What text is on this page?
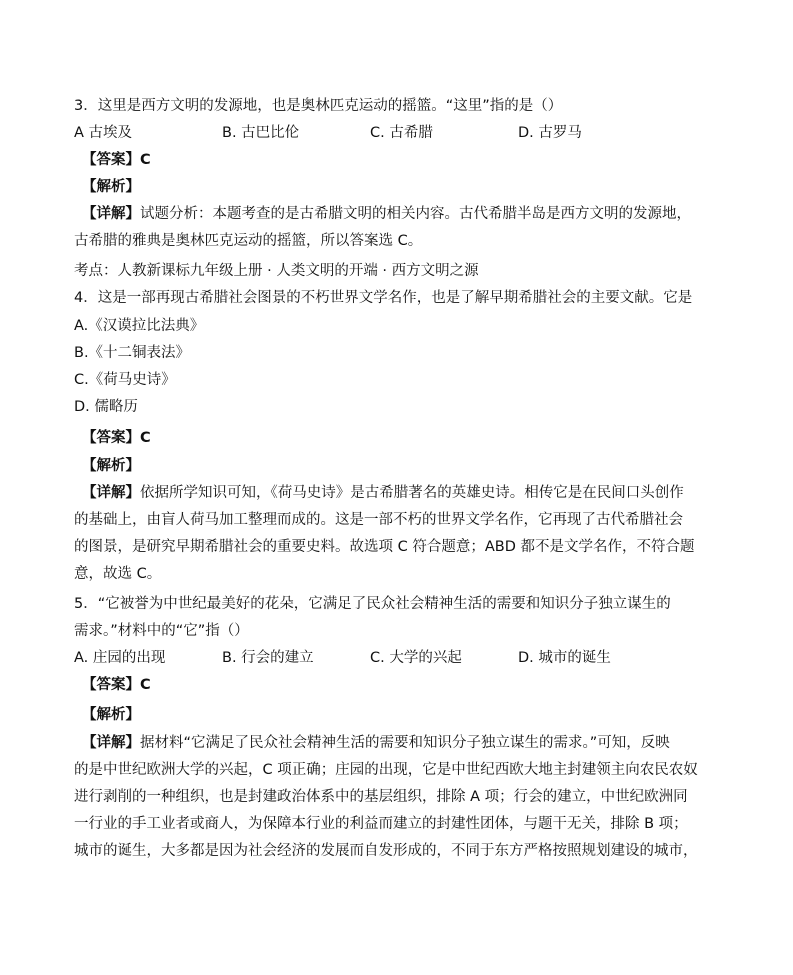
3．这里是西方文明的发源地，也是奥林匹克运动的摇篮。“这里”指的是（）
A 古埃及	B. 古巴比伦	C. 古希腊	D. 古罗马
【答案】C
【解析】
【详解】试题分析：本题考查的是古希腊文明的相关内容。古代希腊半岛是西方文明的发源地，
古希腊的雅典是奥林匹克运动的摇篮，所以答案选 C。
考点：人教新课标九年级上册 · 人类文明的开端 · 西方文明之源
4．这是一部再现古希腊社会图景的不朽世界文学名作，也是了解早期希腊社会的主要文献。它是
A.《汉谟拉比法典》
B.《十二铜表法》
C.《荷马史诗》
D. 儒略历
【答案】C
【解析】
【详解】依据所学知识可知，《荷马史诗》是古希腊著名的英雄史诗。相传它是在民间口头创作
的基础上，由盲人荷马加工整理而成的。这是一部不朽的世界文学名作，它再现了古代希腊社会
的图景，是研究早期希腊社会的重要史料。故选项 C 符合题意；ABD 都不是文学名作，不符合题
意，故选 C。
5．“它被誉为中世纪最美好的花朵，它满足了民众社会精神生活的需要和知识分子独立谋生的
需求。”材料中的“它”指（）
A. 庄园的出现	B. 行会的建立	C. 大学的兴起	D. 城市的诞生
【答案】C
【解析】
【详解】据材料“它满足了民众社会精神生活的需要和知识分子独立谋生的需求。”可知，反映
的是中世纪欧洲大学的兴起，C 项正确；庄园的出现，它是中世纪西欧大地主封建领主向农民农奴
进行剥削的一种组织，也是封建政治体系中的基层组织，排除 A 项；行会的建立，中世纪欧洲同
一行业的手工业者或商人，为保障本行业的利益而建立的封建性团体，与题干无关，排除 B 项；
城市的诞生，大多都是因为社会经济的发展而自发形成的，不同于东方严格按照规划建设的城市，
